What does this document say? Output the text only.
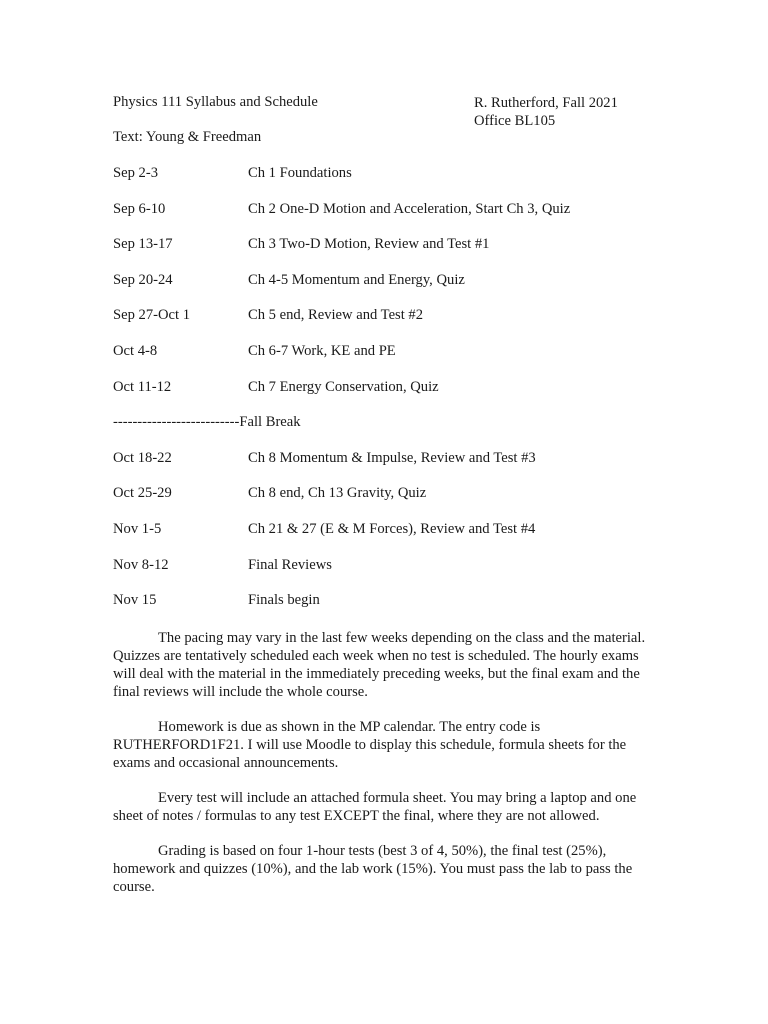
Physics 111 Syllabus and Schedule	R. Rutherford, Fall 2021
Office BL105
Text: Young & Freedman
Sep 2-3	Ch 1 Foundations
Sep 6-10	Ch 2 One-D Motion and Acceleration, Start Ch 3, Quiz
Sep 13-17	Ch 3 Two-D Motion, Review and Test #1
Sep 20-24	Ch 4-5 Momentum and Energy, Quiz
Sep 27-Oct 1	Ch 5 end, Review and Test #2
Oct 4-8	Ch 6-7 Work, KE and PE
Oct 11-12	Ch 7 Energy Conservation, Quiz
--------------------------Fall Break
Oct 18-22	Ch 8 Momentum & Impulse, Review and Test #3
Oct 25-29	Ch 8 end, Ch 13 Gravity, Quiz
Nov 1-5	Ch 21 & 27 (E & M Forces), Review and Test #4
Nov 8-12	Final Reviews
Nov 15	Finals begin

The pacing may vary in the last few weeks depending on the class and the material. Quizzes are tentatively scheduled each week when no test is scheduled. The hourly exams will deal with the material in the immediately preceding weeks, but the final exam and the final reviews will include the whole course.

Homework is due as shown in the MP calendar. The entry code is RUTHERFORD1F21. I will use Moodle to display this schedule, formula sheets for the exams and occasional announcements.

Every test will include an attached formula sheet. You may bring a laptop and one sheet of notes / formulas to any test EXCEPT the final, where they are not allowed.

Grading is based on four 1-hour tests (best 3 of 4, 50%), the final test (25%), homework and quizzes (10%), and the lab work (15%). You must pass the lab to pass the course.
